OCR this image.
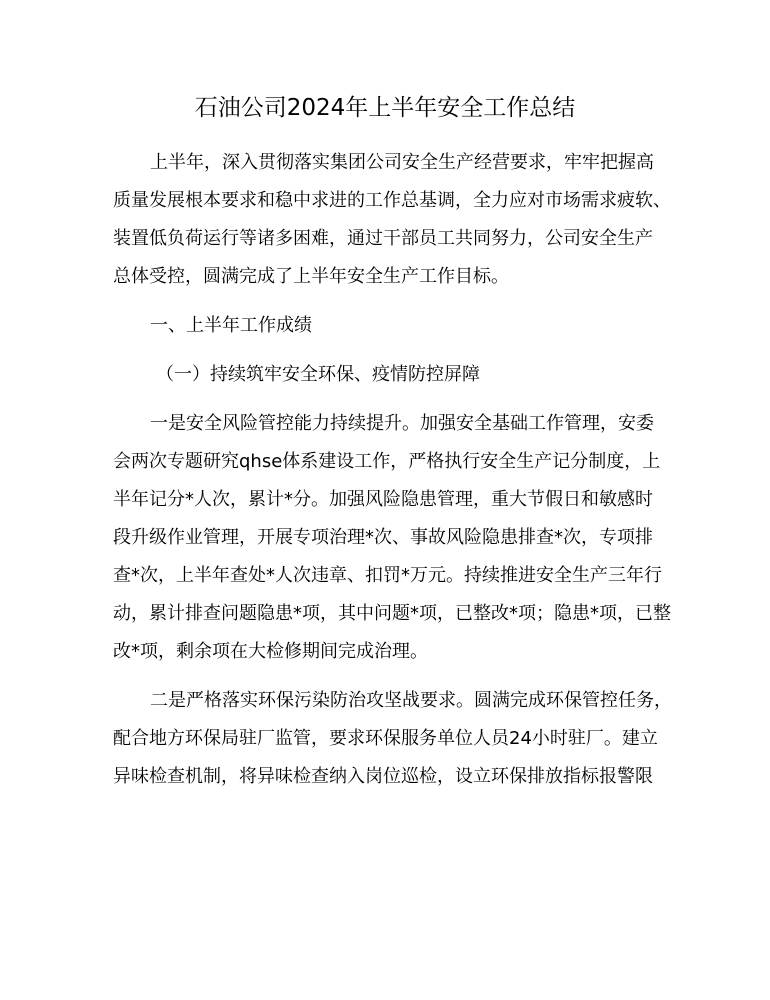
石油公司2024年上半年安全工作总结

上半年，深入贯彻落实集团公司安全生产经营要求，牢牢把握高
质量发展根本要求和稳中求进的工作总基调，全力应对市场需求疲软、
装置低负荷运行等诸多困难，通过干部员工共同努力，公司安全生产
总体受控，圆满完成了上半年安全生产工作目标。

一、上半年工作成绩

（一）持续筑牢安全环保、疫情防控屏障

一是安全风险管控能力持续提升。加强安全基础工作管理，安委
会两次专题研究qhse体系建设工作，严格执行安全生产记分制度，上
半年记分*人次，累计*分。加强风险隐患管理，重大节假日和敏感时
段升级作业管理，开展专项治理*次、事故风险隐患排查*次，专项排
查*次，上半年查处*人次违章、扣罚*万元。持续推进安全生产三年行
动，累计排查问题隐患*项，其中问题*项，已整改*项；隐患*项，已整
改*项，剩余项在大检修期间完成治理。

二是严格落实环保污染防治攻坚战要求。圆满完成环保管控任务，
配合地方环保局驻厂监管，要求环保服务单位人员24小时驻厂。建立
异味检查机制，将异味检查纳入岗位巡检，设立环保排放指标报警限
